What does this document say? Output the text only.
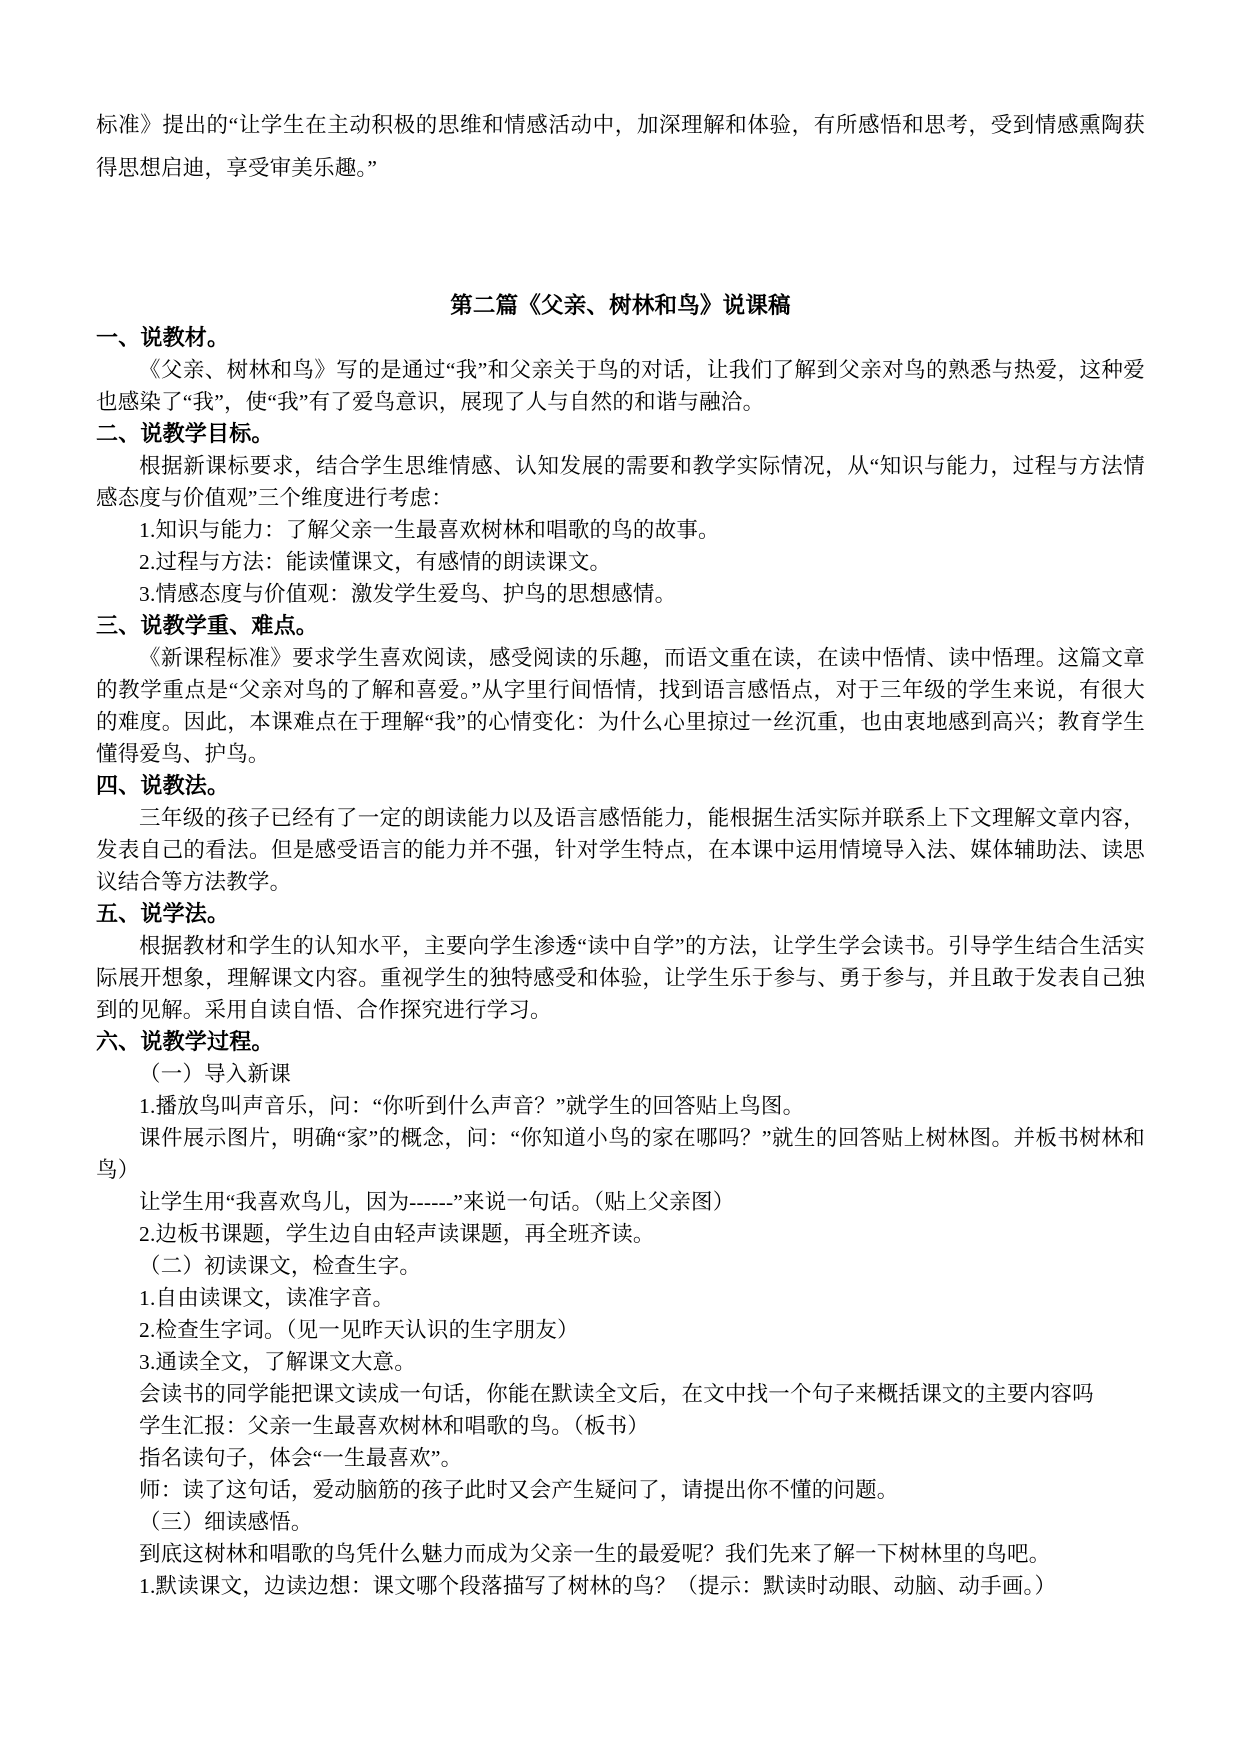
标准》提出的“让学生在主动积极的思维和情感活动中，加深理解和体验，有所感悟和思考，受到情感熏陶获得思想启迪，享受审美乐趣。”

第二篇《父亲、树林和鸟》说课稿

一、说教材。

《父亲、树林和鸟》写的是通过“我”和父亲关于鸟的对话，让我们了解到父亲对鸟的熟悉与热爱，这种爱也感染了“我”，使“我”有了爱鸟意识，展现了人与自然的和谐与融洽。

二、说教学目标。

根据新课标要求，结合学生思维情感、认知发展的需要和教学实际情况，从“知识与能力，过程与方法情感态度与价值观”三个维度进行考虑：

1.知识与能力：了解父亲一生最喜欢树林和唱歌的鸟的故事。

2.过程与方法：能读懂课文，有感情的朗读课文。

3.情感态度与价值观：激发学生爱鸟、护鸟的思想感情。

三、说教学重、难点。

《新课程标准》要求学生喜欢阅读，感受阅读的乐趣，而语文重在读，在读中悟情、读中悟理。这篇文章的教学重点是“父亲对鸟的了解和喜爱。”从字里行间悟情，找到语言感悟点，对于三年级的学生来说，有很大的难度。因此，本课难点在于理解“我”的心情变化：为什么心里掠过一丝沉重，也由衷地感到高兴；教育学生懂得爱鸟、护鸟。

四、说教法。

三年级的孩子已经有了一定的朗读能力以及语言感悟能力，能根据生活实际并联系上下文理解文章内容，发表自己的看法。但是感受语言的能力并不强，针对学生特点，在本课中运用情境导入法、媒体辅助法、读思议结合等方法教学。

五、说学法。

根据教材和学生的认知水平，主要向学生渗透“读中自学”的方法，让学生学会读书。引导学生结合生活实际展开想象，理解课文内容。重视学生的独特感受和体验，让学生乐于参与、勇于参与，并且敢于发表自己独到的见解。采用自读自悟、合作探究进行学习。

六、说教学过程。

（一）导入新课

1.播放鸟叫声音乐，问：“你听到什么声音？”就学生的回答贴上鸟图。

课件展示图片，明确“家”的概念，问：“你知道小鸟的家在哪吗？”就生的回答贴上树林图。并板书树林和鸟）

让学生用“我喜欢鸟儿，因为------”来说一句话。（贴上父亲图）

2.边板书课题，学生边自由轻声读课题，再全班齐读。

（二）初读课文，检查生字。

1.自由读课文，读准字音。

2.检查生字词。（见一见昨天认识的生字朋友）

3.通读全文，了解课文大意。

会读书的同学能把课文读成一句话，你能在默读全文后，在文中找一个句子来概括课文的主要内容吗

学生汇报：父亲一生最喜欢树林和唱歌的鸟。（板书）

指名读句子，体会“一生最喜欢”。

师：读了这句话，爱动脑筋的孩子此时又会产生疑问了，请提出你不懂的问题。

（三）细读感悟。

到底这树林和唱歌的鸟凭什么魅力而成为父亲一生的最爱呢？我们先来了解一下树林里的鸟吧。

1.默读课文，边读边想：课文哪个段落描写了树林的鸟？（提示：默读时动眼、动脑、动手画。）
